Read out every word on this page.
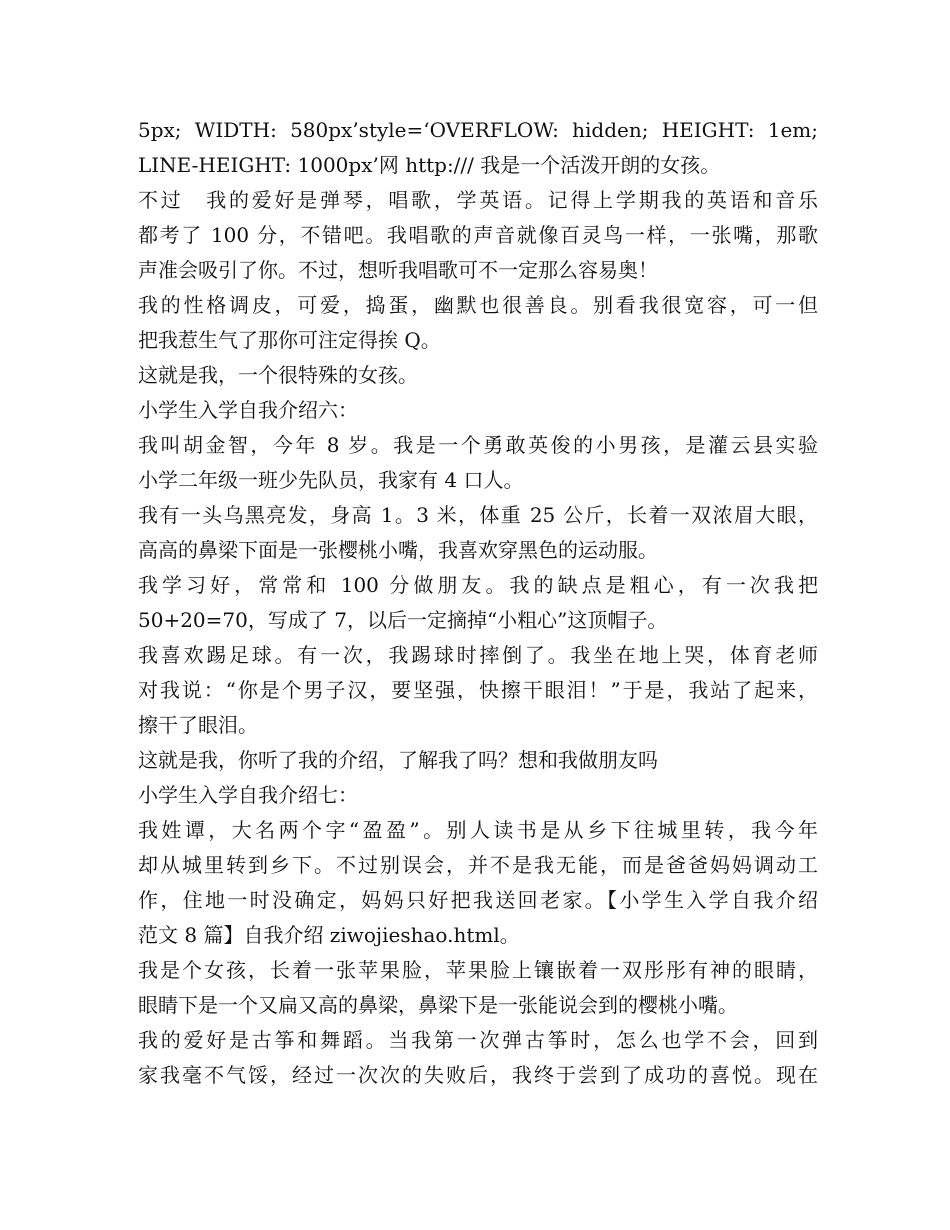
5px; WIDTH: 580px’style=‘OVERFLOW: hidden; HEIGHT: 1em;
LINE-HEIGHT: 1000px’网 http:/// 我是一个活泼开朗的女孩。
不过　我的爱好是弹琴，唱歌，学英语。记得上学期我的英语和音乐
都考了 100 分，不错吧。我唱歌的声音就像百灵鸟一样，一张嘴，那歌
声准会吸引了你。不过，想听我唱歌可不一定那么容易奥！
我的性格调皮，可爱，捣蛋，幽默也很善良。别看我很宽容，可一但
把我惹生气了那你可注定得挨 Q。
这就是我，一个很特殊的女孩。
小学生入学自我介绍六：
我叫胡金智，今年 8 岁。我是一个勇敢英俊的小男孩，是灌云县实验
小学二年级一班少先队员，我家有 4 口人。
我有一头乌黑亮发，身高 1。3 米，体重 25 公斤，长着一双浓眉大眼，
高高的鼻梁下面是一张樱桃小嘴，我喜欢穿黑色的运动服。
我学习好，常常和 100 分做朋友。我的缺点是粗心，有一次我把
50+20=70，写成了 7，以后一定摘掉“小粗心”这顶帽子。
我喜欢踢足球。有一次，我踢球时摔倒了。我坐在地上哭，体育老师
对我说：“你是个男子汉，要坚强，快擦干眼泪！”于是，我站了起来，
擦干了眼泪。
这就是我，你听了我的介绍，了解我了吗？想和我做朋友吗
小学生入学自我介绍七：
我姓谭，大名两个字“盈盈”。别人读书是从乡下往城里转，我今年
却从城里转到乡下。不过别误会，并不是我无能，而是爸爸妈妈调动工
作，住地一时没确定，妈妈只好把我送回老家。【小学生入学自我介绍
范文 8 篇】自我介绍 ziwojieshao.html。
我是个女孩，长着一张苹果脸，苹果脸上镶嵌着一双彤彤有神的眼睛，
眼睛下是一个又扁又高的鼻梁，鼻梁下是一张能说会到的樱桃小嘴。
我的爱好是古筝和舞蹈。当我第一次弹古筝时，怎么也学不会，回到
家我毫不气馁，经过一次次的失败后，我终于尝到了成功的喜悦。现在
